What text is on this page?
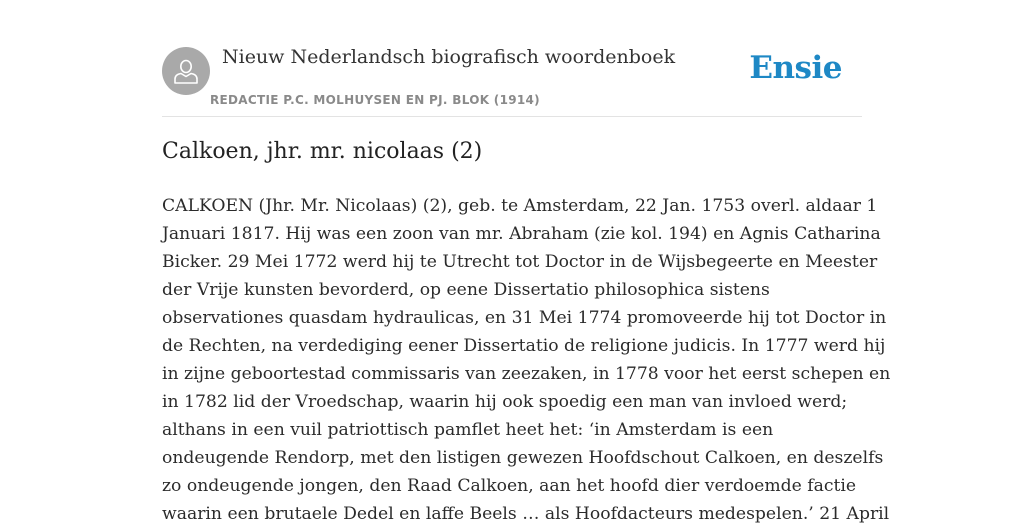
Nieuw Nederlandsch biografisch woordenboek
REDACTIE P.C. MOLHUYSEN EN PJ. BLOK (1914)
Ensie
Calkoen, jhr. mr. nicolaas (2)
CALKOEN (Jhr. Mr. Nicolaas) (2), geb. te Amsterdam, 22 Jan. 1753 overl. aldaar 1
Januari 1817. Hij was een zoon van mr. Abraham (zie kol. 194) en Agnis Catharina
Bicker. 29 Mei 1772 werd hij te Utrecht tot Doctor in de Wijsbegeerte en Meester
der Vrije kunsten bevorderd, op eene Dissertatio philosophica sistens
observationes quasdam hydraulicas, en 31 Mei 1774 promoveerde hij tot Doctor in
de Rechten, na verdediging eener Dissertatio de religione judicis. In 1777 werd hij
in zijne geboortestad commissaris van zeezaken, in 1778 voor het eerst schepen en
in 1782 lid der Vroedschap, waarin hij ook spoedig een man van invloed werd;
althans in een vuil patriottisch pamflet heet het: ‘in Amsterdam is een
ondeugende Rendorp, met den listigen gewezen Hoofdschout Calkoen, en deszelfs
zo ondeugende jongen, den Raad Calkoen, aan het hoofd dier verdoemde factie
waarin een brutaele Dedel en laffe Beels … als Hoofdacteurs medespelen.’ 21 April
